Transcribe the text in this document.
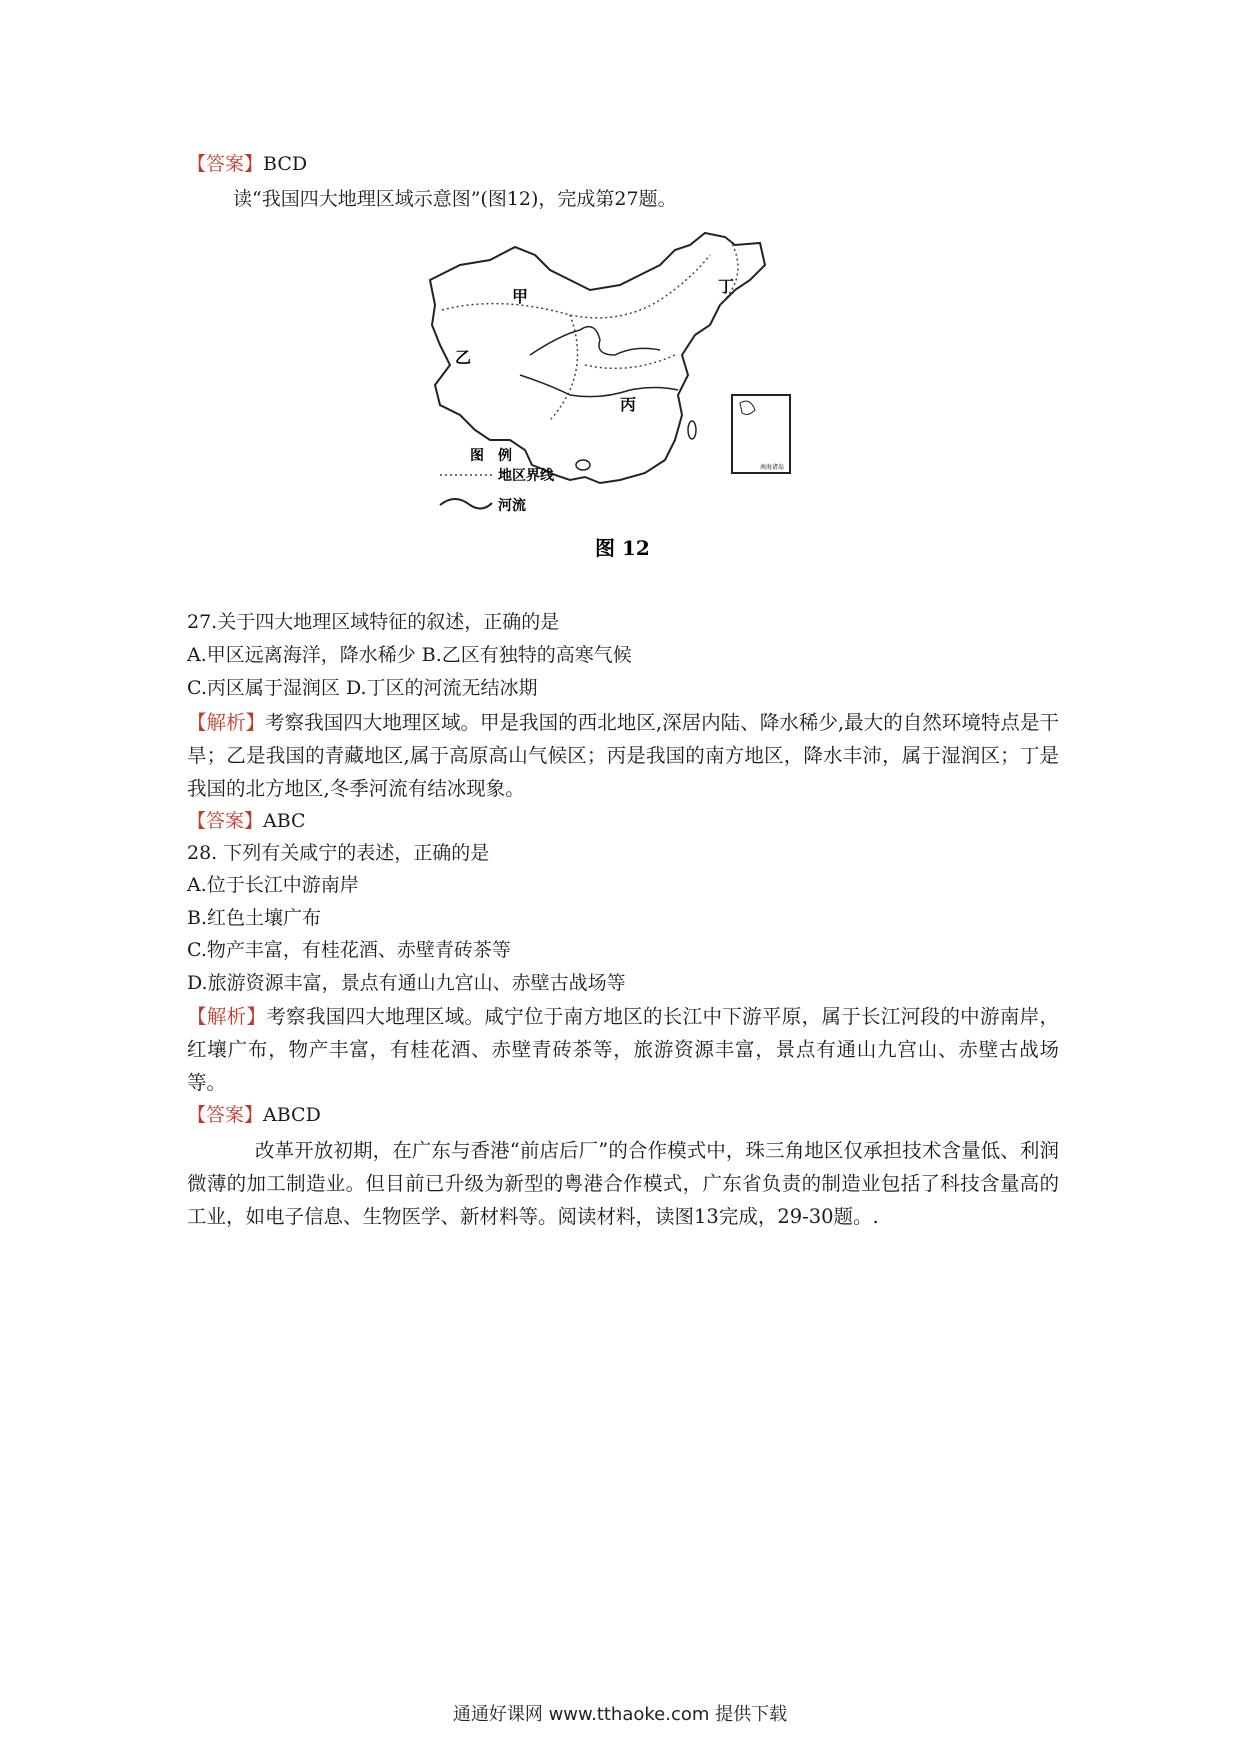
【答案】BCD
读“我国四大地理区域示意图”(图12)，完成第27题。
甲
乙
丙
丁
图　例
地区界线
河流
南海诸岛
图 12
27.关于四大地理区域特征的叙述，正确的是
A.甲区远离海洋，降水稀少 B.乙区有独特的高寒气候
C.丙区属于湿润区 D.丁区的河流无结冰期
【解析】考察我国四大地理区域。甲是我国的西北地区,深居内陆、降水稀少,最大的自然环境特点是干旱；乙是我国的青藏地区,属于高原高山气候区；丙是我国的南方地区，降水丰沛，属于湿润区；丁是我国的北方地区,冬季河流有结冰现象。
【答案】ABC
28. 下列有关咸宁的表述，正确的是
A.位于长江中游南岸
B.红色土壤广布
C.物产丰富，有桂花酒、赤壁青砖茶等
D.旅游资源丰富，景点有通山九宫山、赤壁古战场等
【解析】考察我国四大地理区域。咸宁位于南方地区的长江中下游平原，属于长江河段的中游南岸，红壤广布，物产丰富，有桂花酒、赤壁青砖茶等，旅游资源丰富，景点有通山九宫山、赤壁古战场等。
【答案】ABCD
改革开放初期，在广东与香港“前店后厂”的合作模式中，珠三角地区仅承担技术含量低、利润微薄的加工制造业。但目前已升级为新型的粤港合作模式，广东省负责的制造业包括了科技含量高的工业，如电子信息、生物医学、新材料等。阅读材料，读图13完成，29-30题。.
通通好课网 www.tthaoke.com 提供下载
